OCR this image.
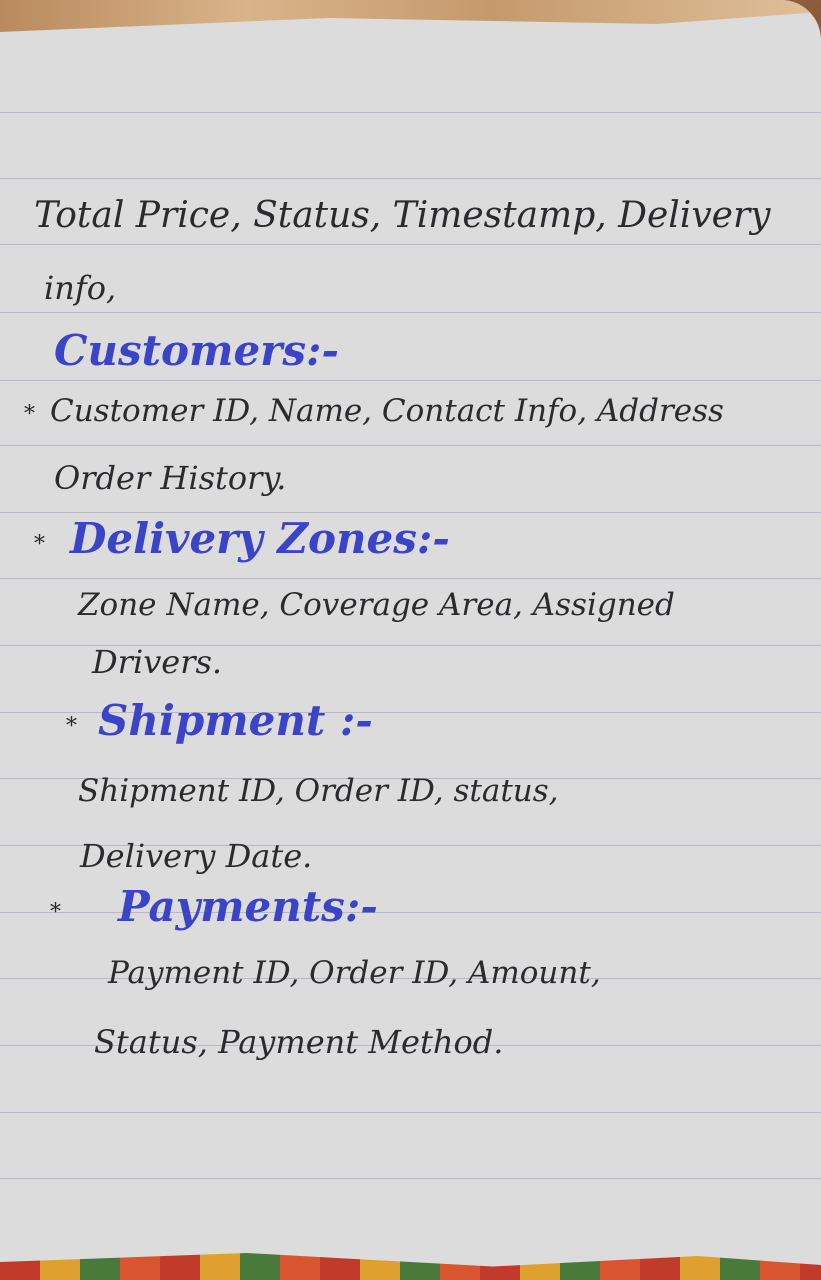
Total Price, Status, Timestamp, Delivery
info,
Customers:-
* Customer ID, Name, Contact Info, Address
Order History.
* Delivery Zones:-
Zone Name, Coverage Area, Assigned
Drivers.
* Shipment :-
Shipment ID, Order ID, status,
Delivery Date.
* Payments:-
Payment ID, Order ID, Amount,
Status, Payment Method.
